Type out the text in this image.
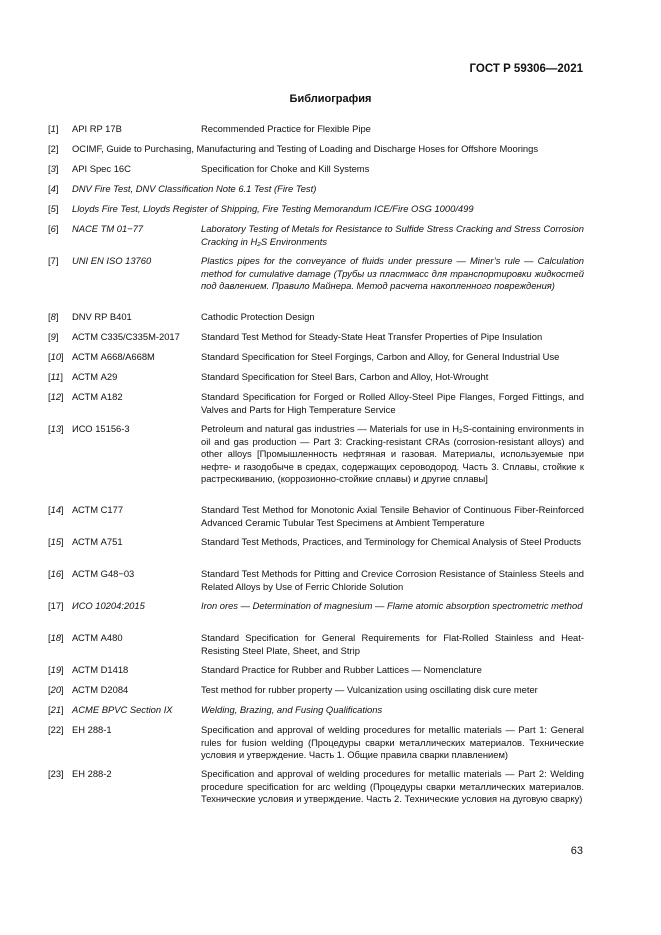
ГОСТ Р 59306—2021
Библиография
[1] API RP 17B	Recommended Practice for Flexible Pipe
[2] OCIMF, Guide to Purchasing, Manufacturing and Testing of Loading and Discharge Hoses for Offshore Moorings
[3] API Spec 16C	Specification for Choke and Kill Systems
[4] DNV Fire Test, DNV Classification Note 6.1 Test (Fire Test)
[5] Lloyds Fire Test, Lloyds Register of Shipping, Fire Testing Memorandum ICE/Fire OSG 1000/499
[6] NACE TM 01−77	Laboratory Testing of Metals for Resistance to Sulfide Stress Cracking and Stress Corrosion Cracking in H₂S Environments
[7] UNI EN ISO 13760	Plastics pipes for the conveyance of fluids under pressure — Miner’s rule — Calculation method for cumulative damage (Трубы из пластмасс для транспортировки жидкостей под давлением. Правило Майнера. Метод расчета накопленного повреждения)
[8] DNV RP B401	Cathodic Protection Design
[9] АСТМ C335/C335M-2017 Standard Test Method for Steady-State Heat Transfer Properties of Pipe Insulation
[10] АСТМ A668/A668M	Standard Specification for Steel Forgings, Carbon and Alloy, for General Industrial Use
[11] АСТМ A29	Standard Specification for Steel Bars, Carbon and Alloy, Hot-Wrought
[12] АСТМ A182	Standard Specification for Forged or Rolled Alloy-Steel Pipe Flanges, Forged Fittings, and Valves and Parts for High Temperature Service
[13] ИСО 15156-3	Petroleum and natural gas industries — Materials for use in H₂S-containing environments in oil and gas production — Part 3: Cracking-resistant CRAs (corrosion-resistant alloys) and other alloys [Промышленность нефтяная и газовая. Материалы, используемые при нефте- и газодобыче в средах, содержащих сероводород. Часть 3. Сплавы, стойкие к растрескиванию, (коррозионно-стойкие сплавы) и другие сплавы]
[14] АСТМ C177	Standard Test Method for Monotonic Axial Tensile Behavior of Continuous Fiber-Reinforced Advanced Ceramic Tubular Test Specimens at Ambient Temperature
[15] АСТМ A751	Standard Test Methods, Practices, and Terminology for Chemical Analysis of Steel Products
[16] АСТМ G48−03	Standard Test Methods for Pitting and Crevice Corrosion Resistance of Stainless Steels and Related Alloys by Use of Ferric Chloride Solution
[17] ИСО 10204:2015	Iron ores — Determination of magnesium — Flame atomic absorption spectrometric method
[18] АСТМ A480	Standard Specification for General Requirements for Flat-Rolled Stainless and Heat-Resisting Steel Plate, Sheet, and Strip
[19] АСТМ D1418	Standard Practice for Rubber and Rubber Lattices — Nomenclature
[20] АСТМ D2084	Test method for rubber property — Vulcanization using oscillating disk cure meter
[21] ACME BPVC Section IX	Welding, Brazing, and Fusing Qualifications
[22] ЕН 288-1	Specification and approval of welding procedures for metallic materials — Part 1: General rules for fusion welding (Процедуры сварки металлических материалов. Технические условия и утверждение. Часть 1. Общие правила сварки плавлением)
[23] ЕН 288-2	Specification and approval of welding procedures for metallic materials — Part 2: Welding procedure specification for arc welding (Процедуры сварки металлических материалов. Технические условия и утверждение. Часть 2. Технические условия на дуговую сварку)
63
